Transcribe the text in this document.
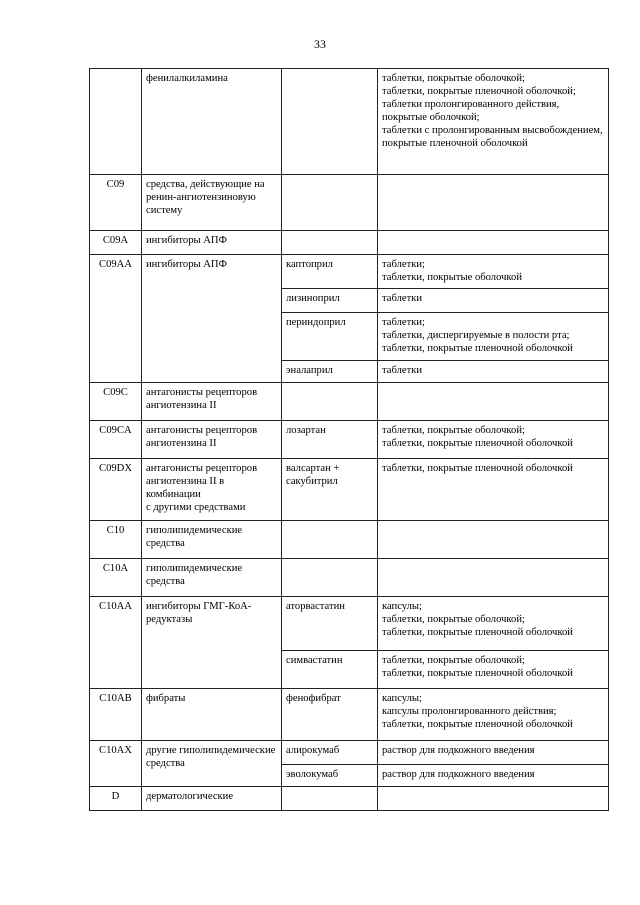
33
	фенилалкиламина		таблетки, покрытые оболочкой;
таблетки, покрытые пленочной оболочкой;
таблетки пролонгированного действия, покрытые оболочкой;
таблетки с пролонгированным высвобождением, покрытые пленочной оболочкой
C09	средства, действующие на ренин-ангиотензиновую систему		
C09A	ингибиторы АПФ		
C09AA	ингибиторы АПФ	каптоприл	таблетки;
таблетки, покрытые оболочкой
		лизиноприл	таблетки
		периндоприл	таблетки;
таблетки, диспергируемые в полости рта;
таблетки, покрытые пленочной оболочкой
		эналаприл	таблетки
C09C	антагонисты рецепторов ангиотензина II		
C09CA	антагонисты рецепторов ангиотензина II	лозартан	таблетки, покрытые оболочкой;
таблетки, покрытые пленочной оболочкой
C09DX	антагонисты рецепторов ангиотензина II в комбинации
с другими средствами	валсартан + сакубитрил	таблетки, покрытые пленочной оболочкой
C10	гиполипидемические средства		
C10A	гиполипидемические средства		
C10AA	ингибиторы ГМГ-КоА-редуктазы	аторвастатин	капсулы;
таблетки, покрытые оболочкой;
таблетки, покрытые пленочной оболочкой
		симвастатин	таблетки, покрытые оболочкой;
таблетки, покрытые пленочной оболочкой
C10AB	фибраты	фенофибрат	капсулы;
капсулы пролонгированного действия;
таблетки, покрытые пленочной оболочкой
C10AX	другие гиполипидемические средства	алирокумаб	раствор для подкожного введения
		эволокумаб	раствор для подкожного введения
D	дерматологические		
